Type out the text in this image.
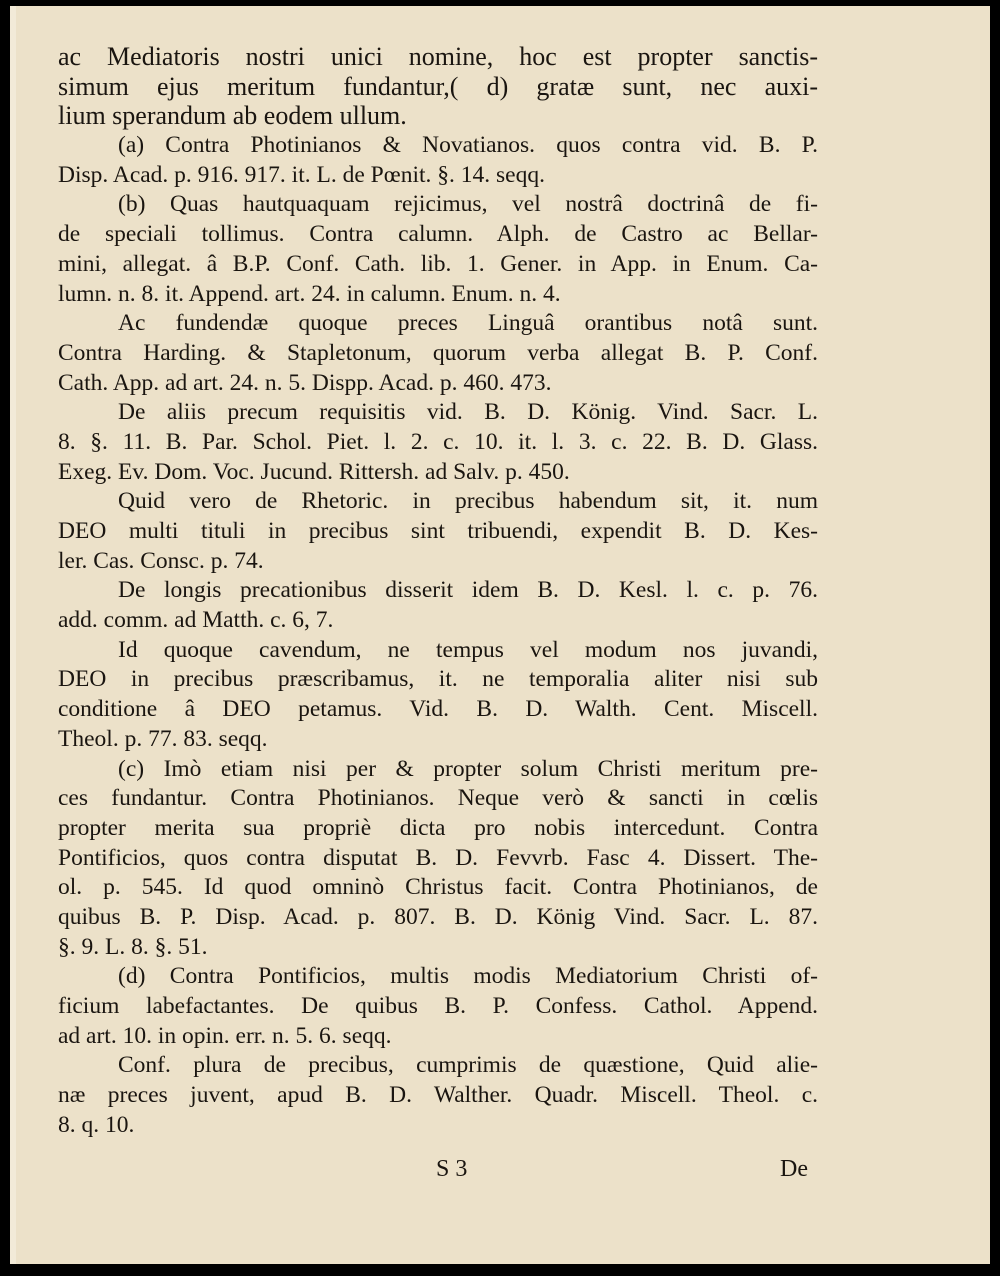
ac Mediatoris nostri unici nomine, hoc est propter sanctis-
simum ejus meritum fundantur,( d) gratæ sunt, nec auxi-
lium sperandum ab eodem ullum.
(a) Contra Photinianos & Novatianos. quos contra vid. B. P.
Disp. Acad. p. 916. 917. it. L. de Pœnit. §. 14. seqq.
(b) Quas hautquaquam rejicimus, vel nostrâ doctrinâ de fi-
de speciali tollimus. Contra calumn. Alph. de Castro ac Bellar-
mini, allegat. â B.P. Conf. Cath. lib. 1. Gener. in App. in Enum. Ca-
lumn. n. 8. it. Append. art. 24. in calumn. Enum. n. 4.
Ac fundendæ quoque preces Linguâ orantibus notâ sunt.
Contra Harding. & Stapletonum, quorum verba allegat B. P. Conf.
Cath. App. ad art. 24. n. 5. Dispp. Acad. p. 460. 473.
De aliis precum requisitis vid. B. D. König. Vind. Sacr. L.
8. §. 11. B. Par. Schol. Piet. l. 2. c. 10. it. l. 3. c. 22. B. D. Glass.
Exeg. Ev. Dom. Voc. Jucund. Rittersh. ad Salv. p. 450.
Quid vero de Rhetoric. in precibus habendum sit, it. num
DEO multi tituli in precibus sint tribuendi, expendit B. D. Kes-
ler. Cas. Consc. p. 74.
De longis precationibus disserit idem B. D. Kesl. l. c. p. 76.
add. comm. ad Matth. c. 6, 7.
Id quoque cavendum, ne tempus vel modum nos juvandi,
DEO in precibus præscribamus, it. ne temporalia aliter nisi sub
conditione â DEO petamus. Vid. B. D. Walth. Cent. Miscell.
Theol. p. 77. 83. seqq.
(c) Imò etiam nisi per & propter solum Christi meritum pre-
ces fundantur. Contra Photinianos. Neque verò & sancti in cœlis
propter merita sua propriè dicta pro nobis intercedunt. Contra
Pontificios, quos contra disputat B. D. Fevvrb. Fasc 4. Dissert. The-
ol. p. 545. Id quod omninò Christus facit. Contra Photinianos, de
quibus B. P. Disp. Acad. p. 807. B. D. König Vind. Sacr. L. 87.
§. 9. L. 8. §. 51.
(d) Contra Pontificios, multis modis Mediatorium Christi of-
ficium labefactantes. De quibus B. P. Confess. Cathol. Append.
ad art. 10. in opin. err. n. 5. 6. seqq.
Conf. plura de precibus, cumprimis de quæstione, Quid alie-
næ preces juvent, apud B. D. Walther. Quadr. Miscell. Theol. c.
8. q. 10.
S 3	De
